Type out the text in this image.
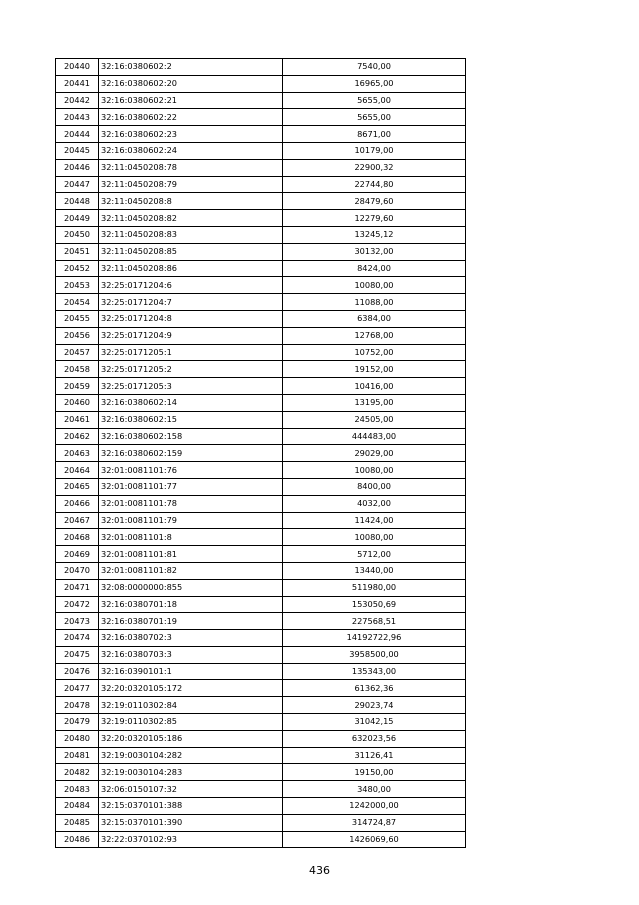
20440	32:16:0380602:2	7540,00
20441	32:16:0380602:20	16965,00
20442	32:16:0380602:21	5655,00
20443	32:16:0380602:22	5655,00
20444	32:16:0380602:23	8671,00
20445	32:16:0380602:24	10179,00
20446	32:11:0450208:78	22900,32
20447	32:11:0450208:79	22744,80
20448	32:11:0450208:8	28479,60
20449	32:11:0450208:82	12279,60
20450	32:11:0450208:83	13245,12
20451	32:11:0450208:85	30132,00
20452	32:11:0450208:86	8424,00
20453	32:25:0171204:6	10080,00
20454	32:25:0171204:7	11088,00
20455	32:25:0171204:8	6384,00
20456	32:25:0171204:9	12768,00
20457	32:25:0171205:1	10752,00
20458	32:25:0171205:2	19152,00
20459	32:25:0171205:3	10416,00
20460	32:16:0380602:14	13195,00
20461	32:16:0380602:15	24505,00
20462	32:16:0380602:158	444483,00
20463	32:16:0380602:159	29029,00
20464	32:01:0081101:76	10080,00
20465	32:01:0081101:77	8400,00
20466	32:01:0081101:78	4032,00
20467	32:01:0081101:79	11424,00
20468	32:01:0081101:8	10080,00
20469	32:01:0081101:81	5712,00
20470	32:01:0081101:82	13440,00
20471	32:08:0000000:855	511980,00
20472	32:16:0380701:18	153050,69
20473	32:16:0380701:19	227568,51
20474	32:16:0380702:3	14192722,96
20475	32:16:0380703:3	3958500,00
20476	32:16:0390101:1	135343,00
20477	32:20:0320105:172	61362,36
20478	32:19:0110302:84	29023,74
20479	32:19:0110302:85	31042,15
20480	32:20:0320105:186	632023,56
20481	32:19:0030104:282	31126,41
20482	32:19:0030104:283	19150,00
20483	32:06:0150107:32	3480,00
20484	32:15:0370101:388	1242000,00
20485	32:15:0370101:390	314724,87
20486	32:22:0370102:93	1426069,60
436
